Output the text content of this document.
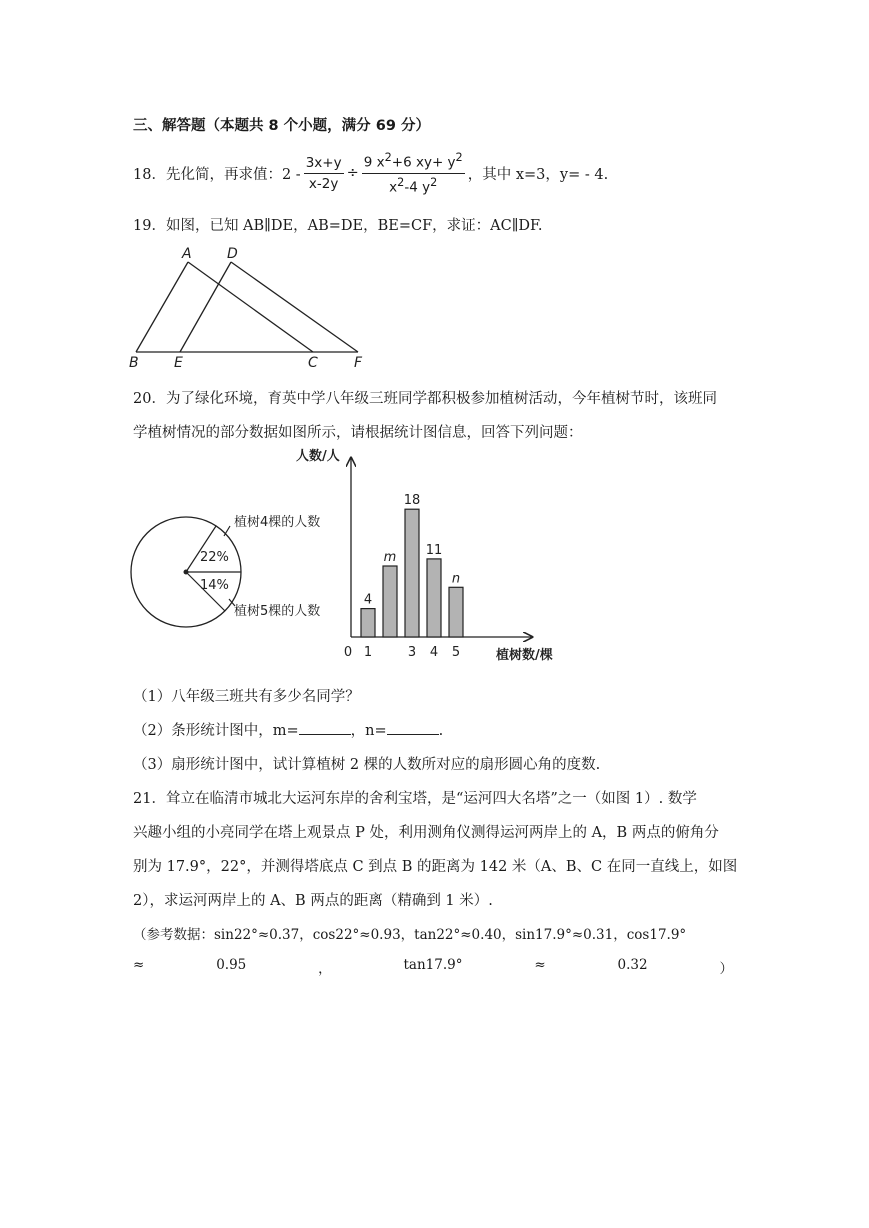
三、解答题（本题共 8 个小题，满分 69 分）
18．先化简，再求值：$2 - \frac{3x+y}{x-2y} \div \frac{9 x^2+6 xy+ y^2}{x^2-4 y^2}$ ，其中 x=3，y= - 4.
19．如图，已知 AB∥DE，AB=DE，BE=CF，求证：AC∥DF.
A	D
B	E	C	F
20．为了绿化环境，育英中学八年级三班同学都积极参加植树活动，今年植树节时，该班同
学植树情况的部分数据如图所示，请根据统计图信息，回答下列问题：
22%
14%
植树4棵的人数
植树5棵的人数
人数/人
植树数/棵
0
4
m
18
11
n
1	3 4 5
（1）八年级三班共有多少名同学？
（2）条形统计图中，m=	，n=	.
（3）扇形统计图中，试计算植树 2 棵的人数所对应的扇形圆心角的度数.
21．耸立在临清市城北大运河东岸的舍利宝塔，是“运河四大名塔”之一（如图 1）. 数学
兴趣小组的小亮同学在塔上观景点 P 处，利用测角仪测得运河两岸上的 A，B 两点的俯角分
别为 17.9°，22°，并测得塔底点 C 到点 B 的距离为 142 米（A、B、C 在同一直线上，如图
2），求运河两岸上的 A、B 两点的距离（精确到 1 米）.
（参考数据：sin22°≈0.37，cos22°≈0.93，tan22°≈0.40，sin17.9°≈0.31，cos17.9°
≈	0.95	，	tan17.9°	≈	0.32	）
